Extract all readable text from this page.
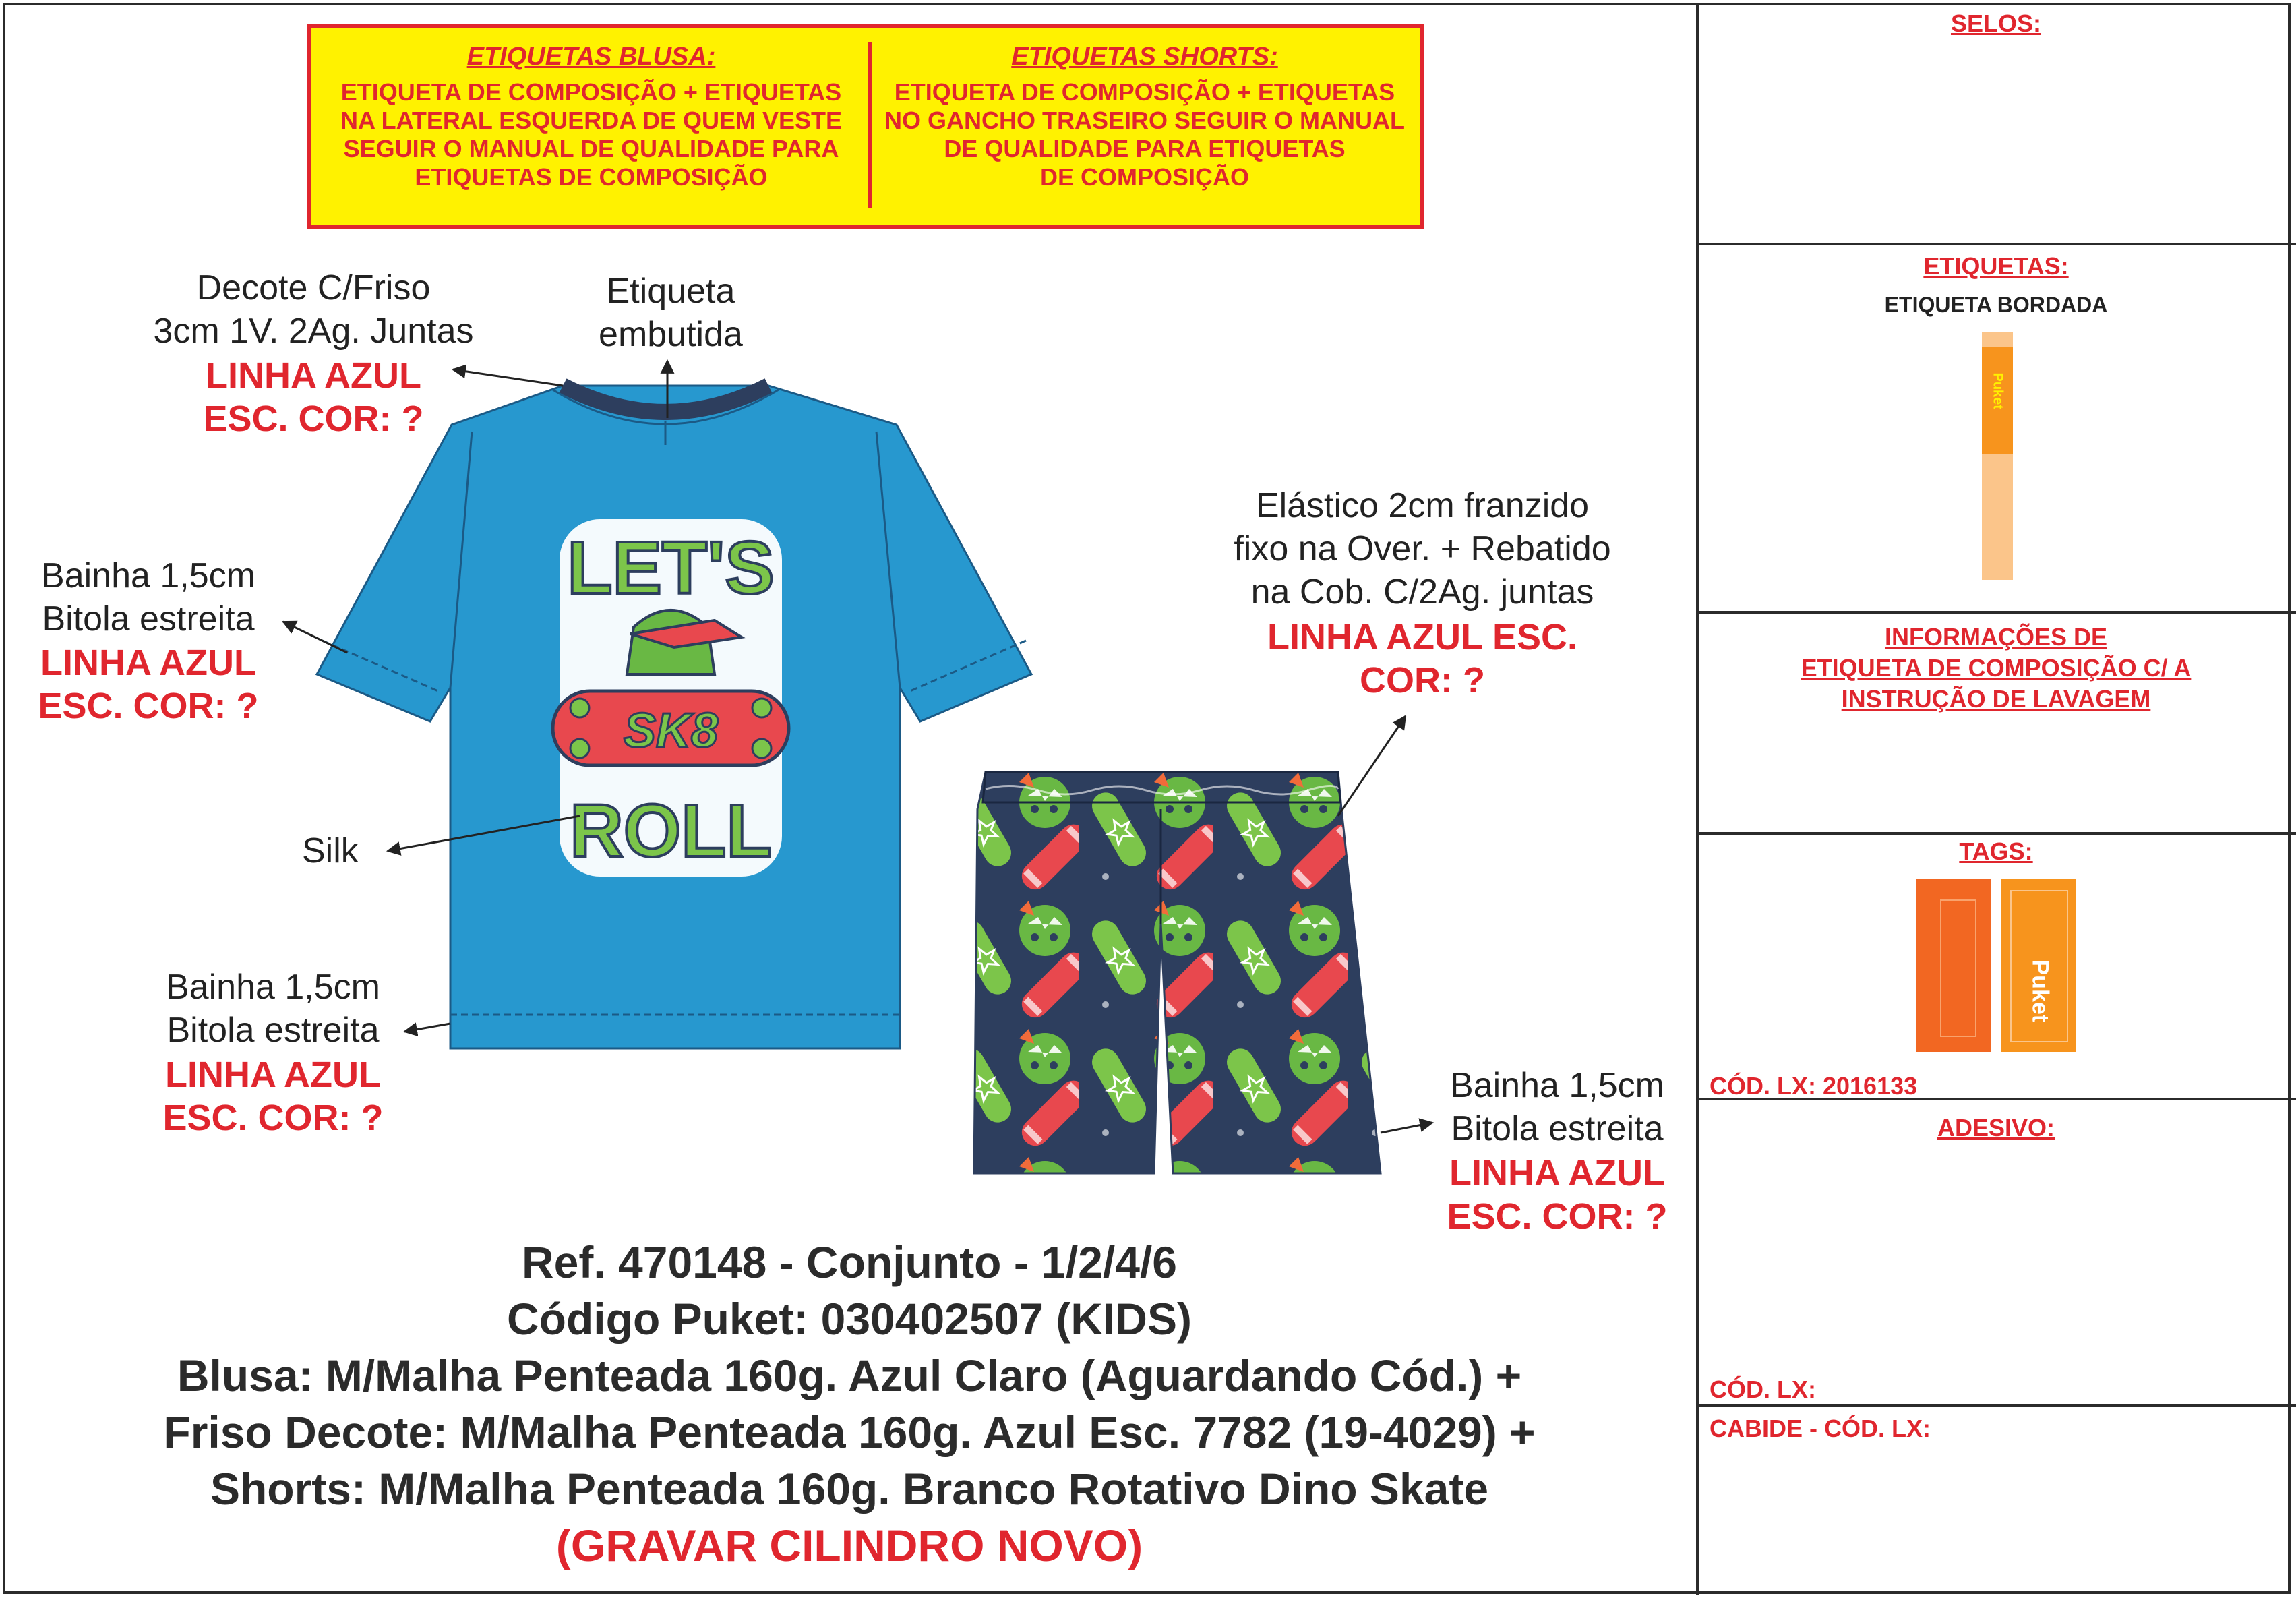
ETIQUETAS BLUSA:
ETIQUETA DE COMPOSIÇÃO + ETIQUETAS
NA LATERAL ESQUERDA DE QUEM VESTE
SEGUIR O MANUAL DE QUALIDADE PARA
ETIQUETAS DE COMPOSIÇÃO
ETIQUETAS SHORTS:
ETIQUETA DE COMPOSIÇÃO + ETIQUETAS
NO GANCHO TRASEIRO SEGUIR O MANUAL
DE QUALIDADE PARA ETIQUETAS
DE COMPOSIÇÃO
Decote C/Friso
3cm 1V. 2Ag. Juntas
LINHA AZUL
ESC. COR: ?
Etiqueta
embutida
Bainha 1,5cm
Bitola estreita
LINHA AZUL
ESC. COR: ?
Silk
Bainha 1,5cm
Bitola estreita
LINHA AZUL
ESC. COR: ?
Elástico 2cm franzido
fixo na Over. + Rebatido
na Cob. C/2Ag. juntas
LINHA AZUL ESC.
COR: ?
Bainha 1,5cm
Bitola estreita
LINHA AZUL
ESC. COR: ?
LET'S
SK8
ROLL
Ref. 470148 - Conjunto - 1/2/4/6
Código Puket: 030402507 (KIDS)
Blusa: M/Malha Penteada 160g. Azul Claro (Aguardando Cód.) +
Friso Decote: M/Malha Penteada 160g. Azul Esc. 7782 (19-4029) +
Shorts: M/Malha Penteada 160g. Branco Rotativo Dino Skate
(GRAVAR CILINDRO NOVO)
SELOS:
ETIQUETAS:
ETIQUETA BORDADA
Puket
INFORMAÇÕES DE
ETIQUETA DE COMPOSIÇÃO C/ A
INSTRUÇÃO DE LAVAGEM
TAGS:
Puket
CÓD. LX: 2016133
ADESIVO:
CÓD. LX:
CABIDE - CÓD. LX:
